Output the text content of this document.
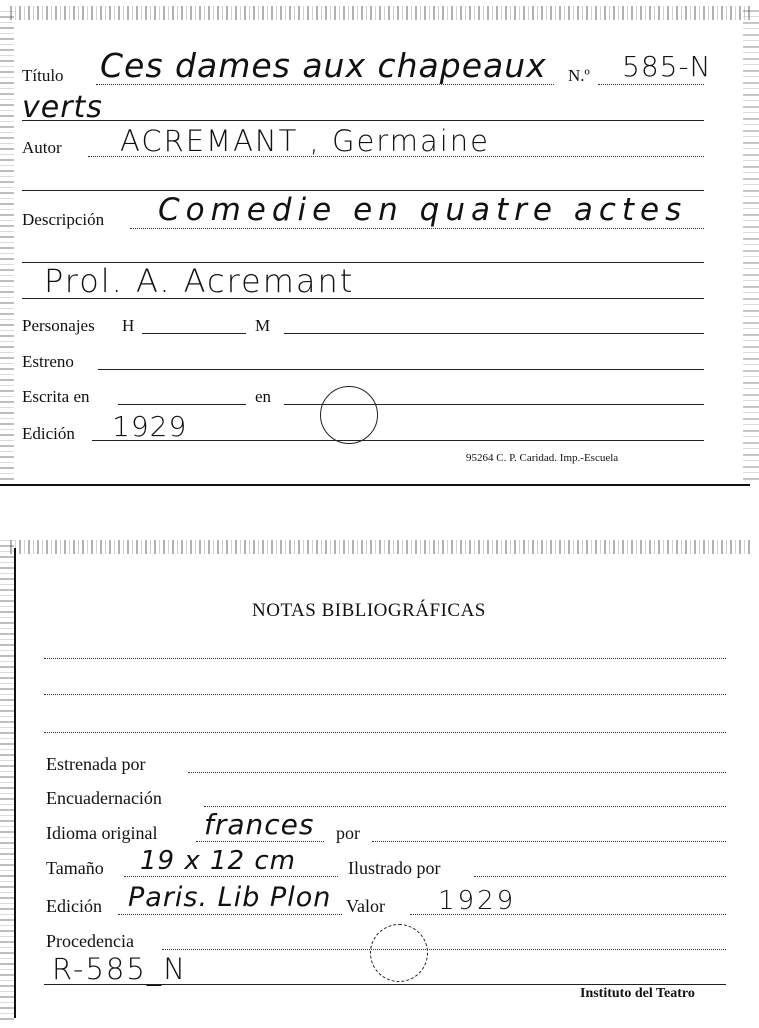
Título Ces dames aux chapeaux N.º 585-N
verts
Autor ACREMANT , Germaine
Descripción Comedie en quatre actes
Prol. A. Acremant
Personajes H	M
Estreno
Escrita en	en
Edición 1929
95264 C. P. Caridad. Imp.-Escuela
NOTAS BIBLIOGRÁFICAS
Estrenada por
Encuadernación
Idioma original frances por
Tamaño 19 x 12 cm	Ilustrado por
Edición Paris. Lib Plon Valor 1929
Procedencia
R-585_N
Instituto del Teatro
